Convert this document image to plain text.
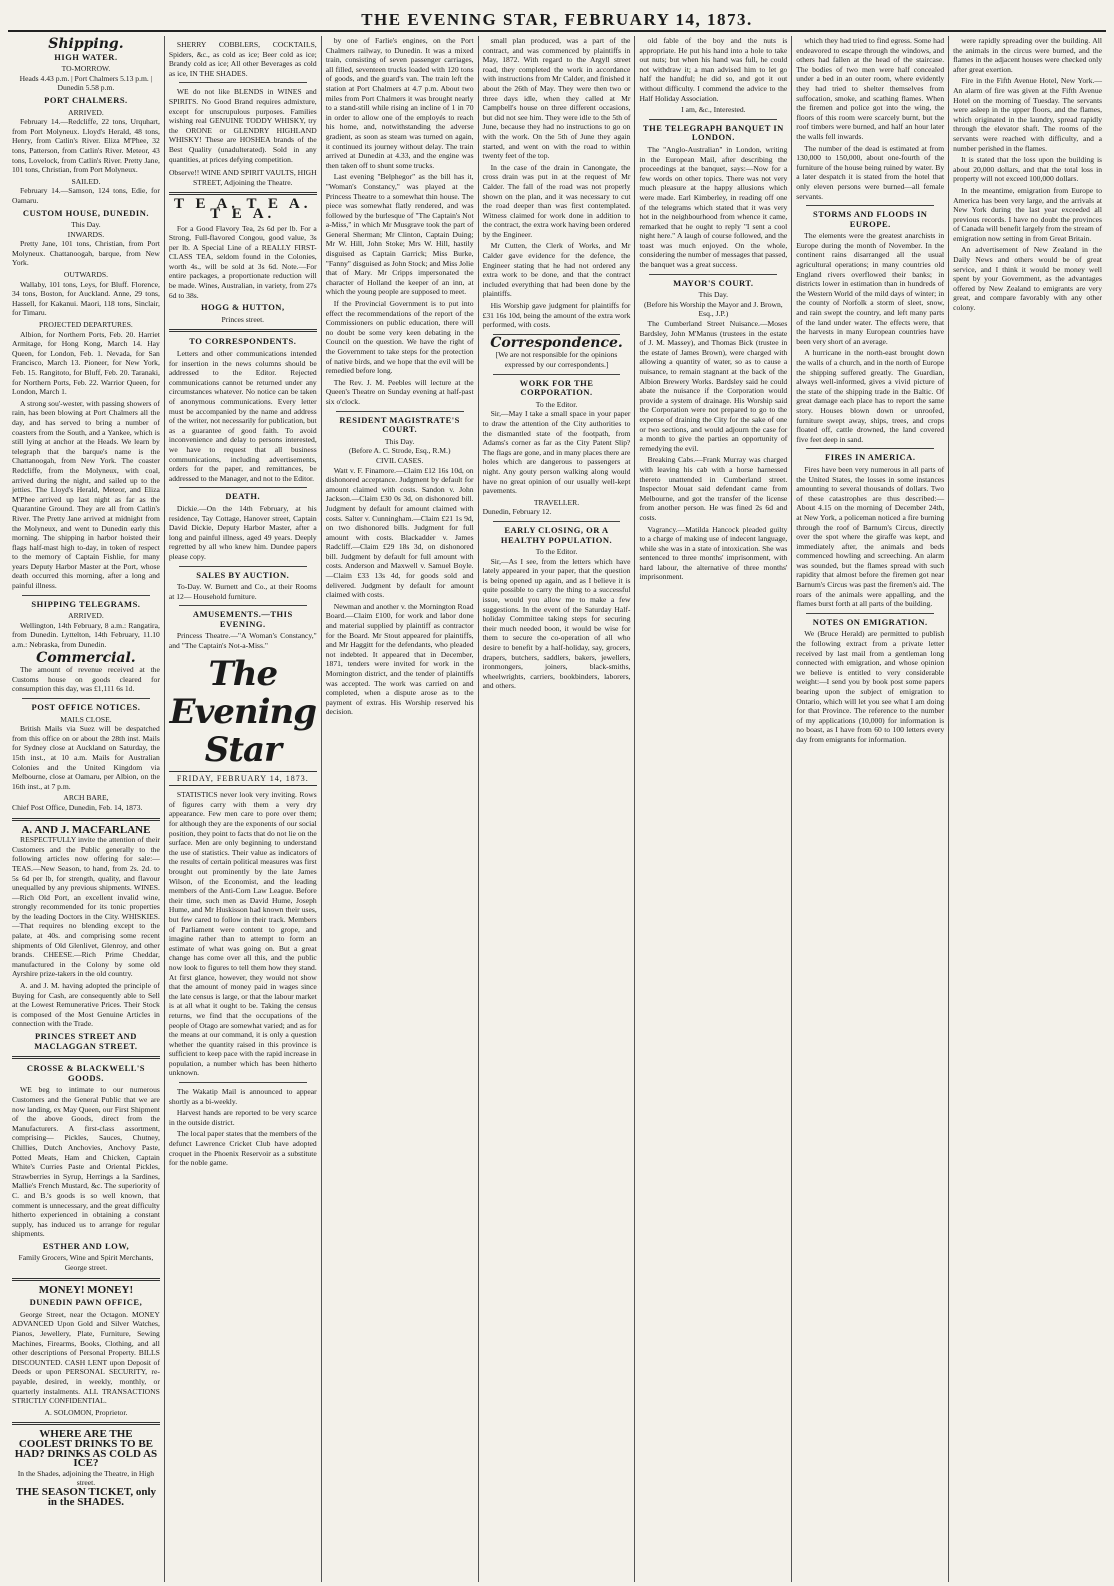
THE EVENING STAR, FEBRUARY 14, 1873.
Shipping.
HIGH WATER.
TO-MORROW.
Heads 4.43 p.m. | Port Chalmers 5.13 p.m. | Dunedin 5.58 p.m.
PORT CHALMERS.
ARRIVED.

February 14.—Redcliffe, 22 tons, Urquhart, from Port Molyneux. Lloyd's Herald, 48 tons, Henry, from Catlin's River. Eliza M'Phee, 32 tons, Patterson, from Catlin's River. Meteor, 43 tons, Lovelock, from Catlin's River. Pretty Jane, 101 tons, Christian, from Port Molyneux.

SAILED.

February 14.—Samson, 124 tons, Edie, for Oamaru.

CUSTOM HOUSE, DUNEDIN.
This Day.
INWARDS.

Pretty Jane, 101 tons, Christian, from Port Molyneux. Chattanoogah, barque, from New York.

OUTWARDS.

Wallaby, 101 tons, Leys, for Bluff. Florence, 34 tons, Boston, for Auckland. Anne, 29 tons, Hassell, for Kakanui. Maori, 118 tons, Sinclair, for Timaru.

PROJECTED DEPARTURES.

Albion, for Northern Ports, Feb. 20. Harriet Armitage, for Hong Kong, March 14. Hay Queen, for London, Feb. 1. Nevada, for San Francisco, March 13. Pioneer, for New York, Feb. 15. Rangitoto, for Bluff, Feb. 20. Taranaki, for Northern Ports, Feb. 22. Warrior Queen, for London, March 1.

A strong sou'-wester, with passing showers of rain, has been blowing at Port Chalmers all the day, and has served to bring a number of coasters from the South, and a Yankee, which is still lying at anchor at the Heads. We learn by telegraph that the barque's name is the Chattanoogah, from New York. The coaster Redcliffe, from the Molyneux, with coal, arrived during the night, and sailed up to the jetties. The Lloyd's Herald, Meteor, and Eliza M'Phee arrived up last night as far as the Quarantine Ground. They are all from Catlin's River. The Pretty Jane arrived at midnight from the Molyneux, and went to Dunedin early this morning. The shipping in harbor hoisted their flags half-mast high to-day, in token of respect to the memory of Captain Fishlie, for many years Deputy Harbor Master at the Port, whose death occurred this morning, after a long and painful illness.

SHIPPING TELEGRAMS.
ARRIVED.

Wellington, 14th February, 8 a.m.: Rangatira, from Dunedin. Lyttelton, 14th February, 11.10 a.m.: Nebraska, from Dunedin.

Commercial.

The amount of revenue received at the Customs house on goods cleared for consumption this day, was £1,111 6s 1d.

POST OFFICE NOTICES.
MAILS CLOSE.

British Mails via Suez will be despatched from this office on or about the 28th inst. Mails for Sydney close at Auckland on Saturday, the 15th inst., at 10 a.m. Mails for Australian Colonies and the United Kingdom via Melbourne, close at Oamaru, per Albion, on the 16th inst., at 7 p.m.

ARCH BARE,
Chief Post Office, Dunedin, Feb. 14, 1873.
A. AND J. MACFARLANE

RESPECTFULLY invite the attention of their Customers and the Public generally to the following articles now offering for sale:— TEAS.—New Season, to hand, from 2s. 2d. to 5s 6d per lb, for strength, quality, and flavour unequalled by any previous shipments. WINES.—Rich Old Port, an excellent invalid wine, strongly recommended for its tonic properties by the leading Doctors in the City. WHISKIES.—That requires no blending except to the palate, at 40s. and comprising some recent shipments of Old Glenlivet, Glenroy, and other brands. CHEESE.—Rich Prime Cheddar, manufactured in the Colony by some old Ayrshire prize-takers in the old country.

A. and J. M. having adopted the principle of Buying for Cash, are consequently able to Sell at the Lowest Remunerative Prices. Their Stock is composed of the Most Genuine Articles in connection with the Trade.

PRINCES STREET AND MACLAGGAN STREET.
CROSSE & BLACKWELL'S GOODS.

WE beg to intimate to our numerous Customers and the General Public that we are now landing, ex May Queen, our First Shipment of the above Goods, direct from the Manufacturers. A first-class assortment, comprising— Pickles, Sauces, Chutney, Chillies, Dutch Anchovies, Anchovy Paste, Potted Meats, Ham and Chicken, Captain White's Curries Paste and Oriental Pickles, Strawberries in Syrup, Herrings a la Sardines, Mallie's French Mustard, &c. The superiority of C. and B.'s goods is so well known, that comment is unnecessary, and the great difficulty hitherto experienced in obtaining a constant supply, has induced us to arrange for regular shipments.

ESTHER AND LOW,
Family Grocers, Wine and Spirit Merchants, George street.
MONEY! MONEY!
DUNEDIN PAWN OFFICE,

George Street, near the Octagon. MONEY ADVANCED Upon Gold and Silver Watches, Pianos, Jewellery, Plate, Furniture, Sewing Machines, Firearms, Books, Clothing, and all other descriptions of Personal Property. BILLS DISCOUNTED. CASH LENT upon Deposit of Deeds or upon PERSONAL SECURITY, re-payable, desired, in weekly, monthly, or quarterly instalments. ALL TRANSACTIONS STRICTLY CONFIDENTIAL.

A. SOLOMON, Proprietor.
WHERE ARE THE COOLEST DRINKS TO BE HAD? DRINKS AS COLD AS ICE?
In the Shades, adjoining the Theatre, in High street.
THE SEASON TICKET, only in the SHADES.

SHERRY COBBLERS, COCKTAILS, Spiders, &c., as cold as ice; Beer cold as ice; Brandy cold as ice; All other Beverages as cold as ice, IN THE SHADES.

WE do not like BLENDS in WINES and SPIRITS. No Good Brand requires admixture, except for unscrupulous purposes. Families wishing real GENUINE TODDY WHISKY, try the ORONE or GLENDRY HIGHLAND WHISKY! These are HOSHEA brands of the Best Quality (unadulterated). Sold in any quantities, at prices defying competition.

Observe!! WINE AND SPIRIT VAULTS, HIGH STREET, Adjoining the Theatre.
T E A. T E A. T E A.

For a Good Flavory Tea, 2s 6d per lb. For a Strong, Full-flavored Congou, good value, 3s per lb. A Special Line of a REALLY FIRST-CLASS TEA, seldom found in the Colonies, worth 4s., will be sold at 3s 6d. Note.—For entire packages, a proportionate reduction will be made. Wines, Australian, in variety, from 27s 6d to 38s.

HOGG & HUTTON,
Princes street.
TO CORRESPONDENTS.

Letters and other communications intended for insertion in the news columns should be addressed to the Editor. Rejected communications cannot be returned under any circumstances whatever. No notice can be taken of anonymous communications. Every letter must be accompanied by the name and address of the writer, not necessarily for publication, but as a guarantee of good faith. To avoid inconvenience and delay to persons interested, we have to request that all business communications, including advertisements, orders for the paper, and remittances, be addressed to the Manager, and not to the Editor.

DEATH.

Dickie.—On the 14th February, at his residence, Tay Cottage, Hanover street, Captain David Dickie, Deputy Harbor Master, after a long and painful illness, aged 49 years. Deeply regretted by all who knew him. Dundee papers please copy.

SALES BY AUCTION.

To-Day. W. Burnett and Co., at their Rooms at 12— Household furniture.

AMUSEMENTS.—THIS EVENING.

Princess Theatre.—"A Woman's Constancy," and "The Captain's Not-a-Miss."

The Evening Star
FRIDAY, FEBRUARY 14, 1873.

STATISTICS never look very inviting. Rows of figures carry with them a very dry appearance. Few men care to pore over them; for although they are the exponents of our social position, they point to facts that do not lie on the surface. Men are only beginning to understand the use of statistics. Their value as indicators of the results of certain political measures was first brought out prominently by the late James Wilson, of the Economist, and the leading members of the Anti-Corn Law League. Before their time, such men as David Hume, Joseph Hume, and Mr Huskisson had known their uses, but few cared to follow in their track. Members of Parliament were content to grope, and imagine rather than to attempt to form an estimate of what was going on. But a great change has come over all this, and the public now look to figures to tell them how they stand. At first glance, however, they would not show that the amount of money paid in wages since the late census is large, or that the labour market is at all what it ought to be. Taking the census returns, we find that the occupations of the people of Otago are somewhat varied; and as for the means at our command, it is only a question whether the quantity raised in this province is sufficient to keep pace with the rapid increase in population, a number which has been hitherto unknown.

The Wakatip Mail is announced to appear shortly as a bi-weekly.

Harvest hands are reported to be very scarce in the outside district.

The local paper states that the members of the defunct Lawrence Cricket Club have adopted croquet in the Phoenix Reservoir as a substitute for the noble game.

by one of Farlie's engines, on the Port Chalmers railway, to Dunedin. It was a mixed train, consisting of seven passenger carriages, all filled, seventeen trucks loaded with 120 tons of goods, and the guard's van. The train left the station at Port Chalmers at 4.7 p.m. About two miles from Port Chalmers it was brought nearly to a stand-still while rising an incline of 1 in 70 in order to allow one of the employés to reach his home, and, notwithstanding the adverse gradient, as soon as steam was turned on again, it continued its journey without delay. The train arrived at Dunedin at 4.33, and the engine was then taken off to shunt some trucks.

Last evening "Belphegor" as the bill has it, "Woman's Constancy," was played at the Princess Theatre to a somewhat thin house. The piece was somewhat flatly rendered, and was followed by the burlesque of "The Captain's Not a-Miss," in which Mr Musgrave took the part of General Sherman; Mr Clinton, Captain Duing; Mr W. Hill, John Stoke; Mrs W. Hill, hastily disguised as Captain Garrick; Miss Burke, "Fanny" disguised as John Stock; and Miss Jolie that of Mary. Mr Cripps impersonated the character of Holland the keeper of an inn, at which the young people are supposed to meet.

If the Provincial Government is to put into effect the recommendations of the report of the Commissioners on public education, there will no doubt be some very keen debating in the Council on the question. We have the right of the Government to take steps for the protection of native birds, and we hope that the evil will be remedied before long.

The Rev. J. M. Peebles will lecture at the Queen's Theatre on Sunday evening at half-past six o'clock.

RESIDENT MAGISTRATE'S COURT.
This Day.
(Before A. C. Strode, Esq., R.M.)
CIVIL CASES.

Watt v. F. Finamore.—Claim £12 16s 10d, on dishonored acceptance. Judgment by default for amount claimed with costs. Sandon v. John Jackson.—Claim £30 0s 3d, on dishonored bill. Judgment by default for amount claimed with costs. Salter v. Cunningham.—Claim £21 1s 9d, on two dishonored bills. Judgment for full amount with costs. Blackadder v. James Radcliff.—Claim £29 18s 3d, on dishonored bill. Judgment by default for full amount with costs. Anderson and Maxwell v. Samuel Boyle.—Claim £33 13s 4d, for goods sold and delivered. Judgment by default for amount claimed with costs.

Newman and another v. the Mornington Road Board.—Claim £100, for work and labor done and material supplied by plaintiff as contractor for the Board. Mr Stout appeared for plaintiffs, and Mr Haggitt for the defendants, who pleaded not indebted. It appeared that in December, 1871, tenders were invited for work in the Mornington district, and the tender of plaintiffs was accepted. The work was carried on and completed, when a dispute arose as to the payment of extras. His Worship reserved his decision.

small plan produced, was a part of the contract, and was commenced by plaintiffs in May, 1872. With regard to the Argyll street road, they completed the work in accordance with instructions from Mr Calder, and finished it about the 26th of May. They were then two or three days idle, when they called at Mr Campbell's house on three different occasions, but did not see him. They were idle to the 5th of June, because they had no instructions to go on with the work. On the 5th of June they again started, and went on with the road to within twenty feet of the top.

In the case of the drain in Canongate, the cross drain was put in at the request of Mr Calder. The fall of the road was not properly shown on the plan, and it was necessary to cut the road deeper than was first contemplated. Witness claimed for work done in addition to the contract, the extra work having been ordered by the Engineer.

Mr Cutten, the Clerk of Works, and Mr Calder gave evidence for the defence, the Engineer stating that he had not ordered any extra work to be done, and that the contract included everything that had been done by the plaintiffs.

His Worship gave judgment for plaintiffs for £31 16s 10d, being the amount of the extra work performed, with costs.

Correspondence.
[We are not responsible for the opinions expressed by our correspondents.]
WORK FOR THE CORPORATION.
To the Editor.

Sir,—May I take a small space in your paper to draw the attention of the City authorities to the dismantled state of the footpath, from Adams's corner as far as the City Patent Slip? The flags are gone, and in many places there are holes which are dangerous to passengers at night. Any gouty person walking along would have no great opinion of our usually well-kept pavements.

TRAVELLER.
Dunedin, February 12.
EARLY CLOSING, OR A HEALTHY POPULATION.
To the Editor.

Sir,—As I see, from the letters which have lately appeared in your paper, that the question is being opened up again, and as I believe it is quite possible to carry the thing to a successful issue, would you allow me to make a few suggestions. In the event of the Saturday Half-holiday Committee taking steps for securing their much needed boon, it would be wise for them to secure the co-operation of all who desire to benefit by a half-holiday, say, grocers, drapers, butchers, saddlers, bakers, jewellers, ironmongers, joiners, black-smiths, wheelwrights, carriers, bookbinders, laborers, and others.

old fable of the boy and the nuts is appropriate. He put his hand into a hole to take out nuts; but when his hand was full, he could not withdraw it; a man advised him to let go half the handful; he did so, and got it out without difficulty. I commend the advice to the Half Holiday Association.

I am, &c., Interested.
THE TELEGRAPH BANQUET IN LONDON.

The "Anglo-Australian" in London, writing in the European Mail, after describing the proceedings at the banquet, says:—Now for a few words on other topics. There was not very much pleasure at the happy allusions which were made. Earl Kimberley, in reading off one of the telegrams which stated that it was very hot in the neighbourhood from whence it came, remarked that he ought to reply "I sent a cool night here." A laugh of course followed, and the toast was much enjoyed. On the whole, considering the number of messages that passed, the banquet was a great success.

MAYOR'S COURT.
This Day.
(Before his Worship the Mayor and J. Brown, Esq., J.P.)

The Cumberland Street Nuisance.—Moses Bardsley, John M'Manus (trustees in the estate of J. M. Massey), and Thomas Bick (trustee in the estate of James Brown), were charged with allowing a quantity of water, so as to cause a nuisance, to remain stagnant at the back of the Albion Brewery Works. Bardsley said he could abate the nuisance if the Corporation would provide a system of drainage. His Worship said the Corporation were not prepared to go to the expense of draining the City for the sake of one or two sections, and would adjourn the case for a month to give the parties an opportunity of remedying the evil.

Breaking Cabs.—Frank Murray was charged with leaving his cab with a horse harnessed thereto unattended in Cumberland street. Inspector Mouat said defendant came from Melbourne, and got the transfer of the license from another person. He was fined 2s 6d and costs.

Vagrancy.—Matilda Hancock pleaded guilty to a charge of making use of indecent language, while she was in a state of intoxication. She was sentenced to three months' imprisonment, with hard labour, the alternative of three months' imprisonment.

which they had tried to find egress. Some had endeavored to escape through the windows, and others had fallen at the head of the staircase. The bodies of two men were half concealed under a bed in an outer room, where evidently they had tried to shelter themselves from suffocation, smoke, and scathing flames. When the firemen and police got into the wing, the floors of this room were scarcely burnt, but the roof timbers were burned, and half an hour later the walls fell inwards.

The number of the dead is estimated at from 130,000 to 150,000, about one-fourth of the furniture of the house being ruined by water. By a later despatch it is stated from the hotel that only eleven persons were burned—all female servants.

STORMS AND FLOODS IN EUROPE.

The elements were the greatest anarchists in Europe during the month of November. In the continent rains disarranged all the usual agricultural operations; in many countries old England rivers overflowed their banks; in districts lower in estimation than in hundreds of the Western World of the mild days of winter; in the county of Norfolk a storm of sleet, snow, and rain swept the country, and left many parts of the land under water. The effects were, that the harvests in many European countries have been very short of an average.

A hurricane in the north-east brought down the walls of a church, and in the north of Europe the shipping suffered greatly. The Guardian, always well-informed, gives a vivid picture of the state of the shipping trade in the Baltic. Of great damage each place has to report the same story. Houses blown down or unroofed, furniture swept away, ships, trees, and crops floated off, cattle drowned, the land covered five feet deep in sand.

FIRES IN AMERICA.

Fires have been very numerous in all parts of the United States, the losses in some instances amounting to several thousands of dollars. Two of these catastrophes are thus described:—About 4.15 on the morning of December 24th, at New York, a policeman noticed a fire burning through the roof of Barnum's Circus, directly over the spot where the giraffe was kept, and immediately after, the animals and beds commenced howling and screeching. An alarm was sounded, but the flames spread with such rapidity that almost before the firemen got near Barnum's Circus was past the firemen's aid. The roars of the animals were appalling, and the flames burst forth at all parts of the building.

NOTES ON EMIGRATION.

We (Bruce Herald) are permitted to publish the following extract from a private letter received by last mail from a gentleman long connected with emigration, and whose opinion we believe is entitled to very considerable weight:—I send you by book post some papers bearing upon the subject of emigration to Ontario, which will let you see what I am doing for that Province. The reference to the number of my applications (10,000) for information is no boast, as I have from 60 to 100 letters every day from emigrants for information.

were rapidly spreading over the building. All the animals in the circus were burned, and the flames in the adjacent houses were checked only after great exertion.

Fire in the Fifth Avenue Hotel, New York.—An alarm of fire was given at the Fifth Avenue Hotel on the morning of Tuesday. The servants were asleep in the upper floors, and the flames, which originated in the laundry, spread rapidly through the elevator shaft. The rooms of the servants were reached with difficulty, and a number perished in the flames.

It is stated that the loss upon the building is about 20,000 dollars, and that the total loss in property will not exceed 100,000 dollars.

In the meantime, emigration from Europe to America has been very large, and the arrivals at New York during the last year exceeded all previous records. I have no doubt the provinces of Canada will benefit largely from the stream of emigration now setting in from Great Britain.

An advertisement of New Zealand in the Daily News and others would be of great service, and I think it would be money well spent by your Government, as the advantages offered by New Zealand to emigrants are very great, and compare favorably with any other colony.
